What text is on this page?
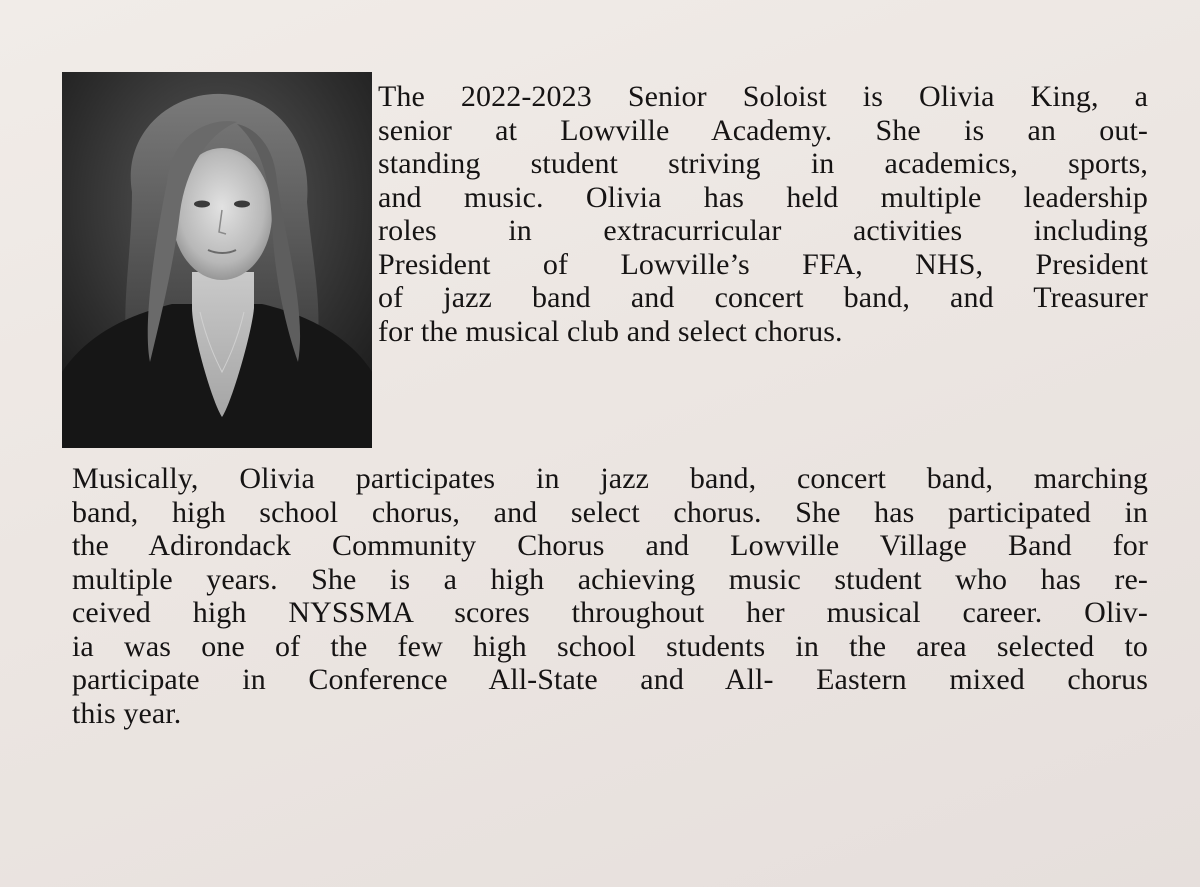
The 2022-2023 Senior Soloist is Olivia King, a
senior at Lowville Academy. She is an out-
standing student striving in academics, sports,
and music. Olivia has held multiple leadership
roles in extracurricular activities including
President of Lowville’s FFA, NHS, President
of jazz band and concert band, and Treasurer
for the musical club and select chorus.
Musically, Olivia participates in jazz band, concert band, marching
band, high school chorus, and select chorus. She has participated in
the Adirondack Community Chorus and Lowville Village Band for
multiple years. She is a high achieving music student who has re-
ceived high NYSSMA scores throughout her musical career. Oliv-
ia was one of the few high school students in the area selected to
participate in Conference All-State and All- Eastern mixed chorus
this year.
